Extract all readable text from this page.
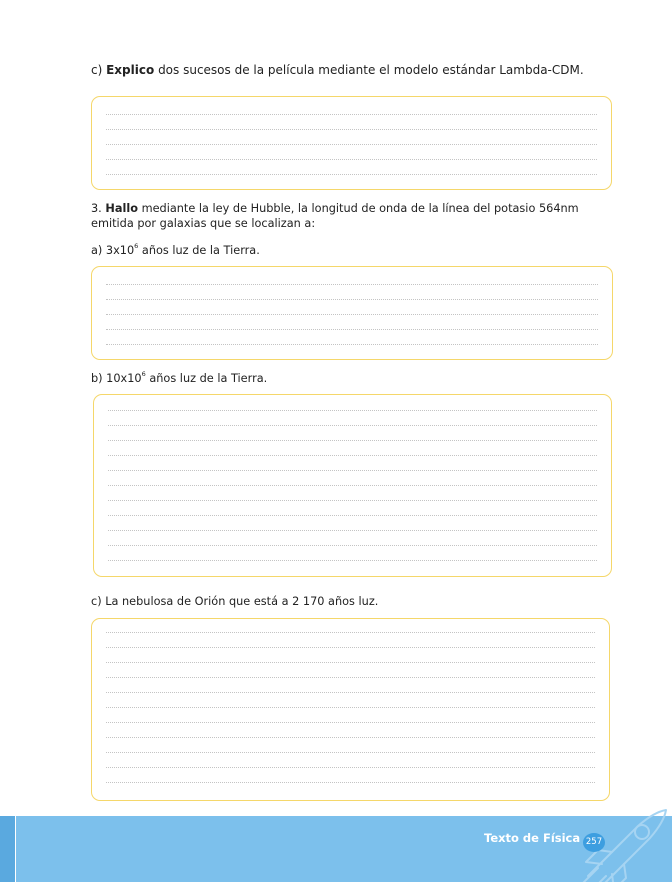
c) Explico dos sucesos de la película mediante el modelo estándar Lambda-CDM.
3. Hallo mediante la ley de Hubble, la longitud de onda de la línea del potasio 564nm emitida por galaxias que se localizan a:
a) $3x10^6$ años luz de la Tierra.
b) $10x10^6$ años luz de la Tierra.
c) La nebulosa de Orión que está a 2 170 años luz.
Texto de Física 257
